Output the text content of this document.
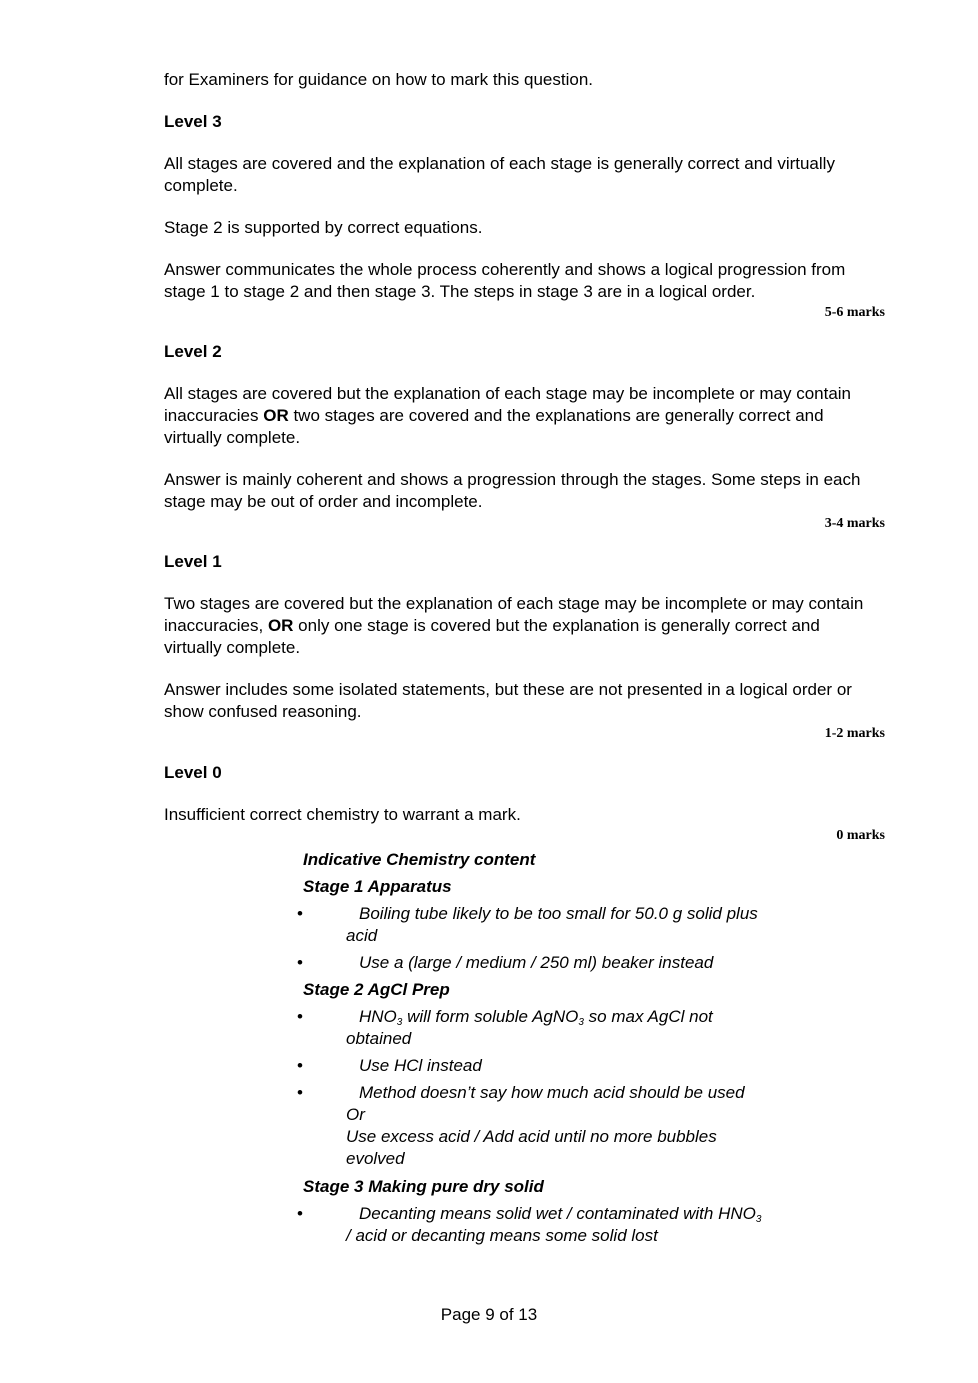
for Examiners for guidance on how to mark this question.

Level 3

All stages are covered and the explanation of each stage is generally correct and virtually complete.

Stage 2 is supported by correct equations.

Answer communicates the whole process coherently and shows a logical progression from stage 1 to stage 2 and then stage 3. The steps in stage 3 are in a logical order.

5-6 marks

Level 2

All stages are covered but the explanation of each stage may be incomplete or may contain inaccuracies OR two stages are covered and the explanations are generally correct and virtually complete.

Answer is mainly coherent and shows a progression through the stages. Some steps in each stage may be out of order and incomplete.

3-4 marks

Level 1

Two stages are covered but the explanation of each stage may be incomplete or may contain inaccuracies, OR only one stage is covered but the explanation is generally correct and virtually complete.

Answer includes some isolated statements, but these are not presented in a logical order or show confused reasoning.

1-2 marks

Level 0

Insufficient correct chemistry to warrant a mark.

0 marks
Indicative Chemistry content
Stage 1 Apparatus
•	Boiling tube likely to be too small for 50.0 g solid plus
acid
•	Use a (large / medium / 250 ml) beaker instead
Stage 2 AgCl Prep
•	$HNO_3$ will form soluble AgNO$_3$ so max AgCl not
obtained
•	Use HCl instead
•	Method doesn’t say how much acid should be used
Or
Use excess acid / Add acid until no more bubbles
evolved
Stage 3 Making pure dry solid
•	Decanting means solid wet / contaminated with $HNO_3$
/ acid or decanting means some solid lost
Page 9 of 13
